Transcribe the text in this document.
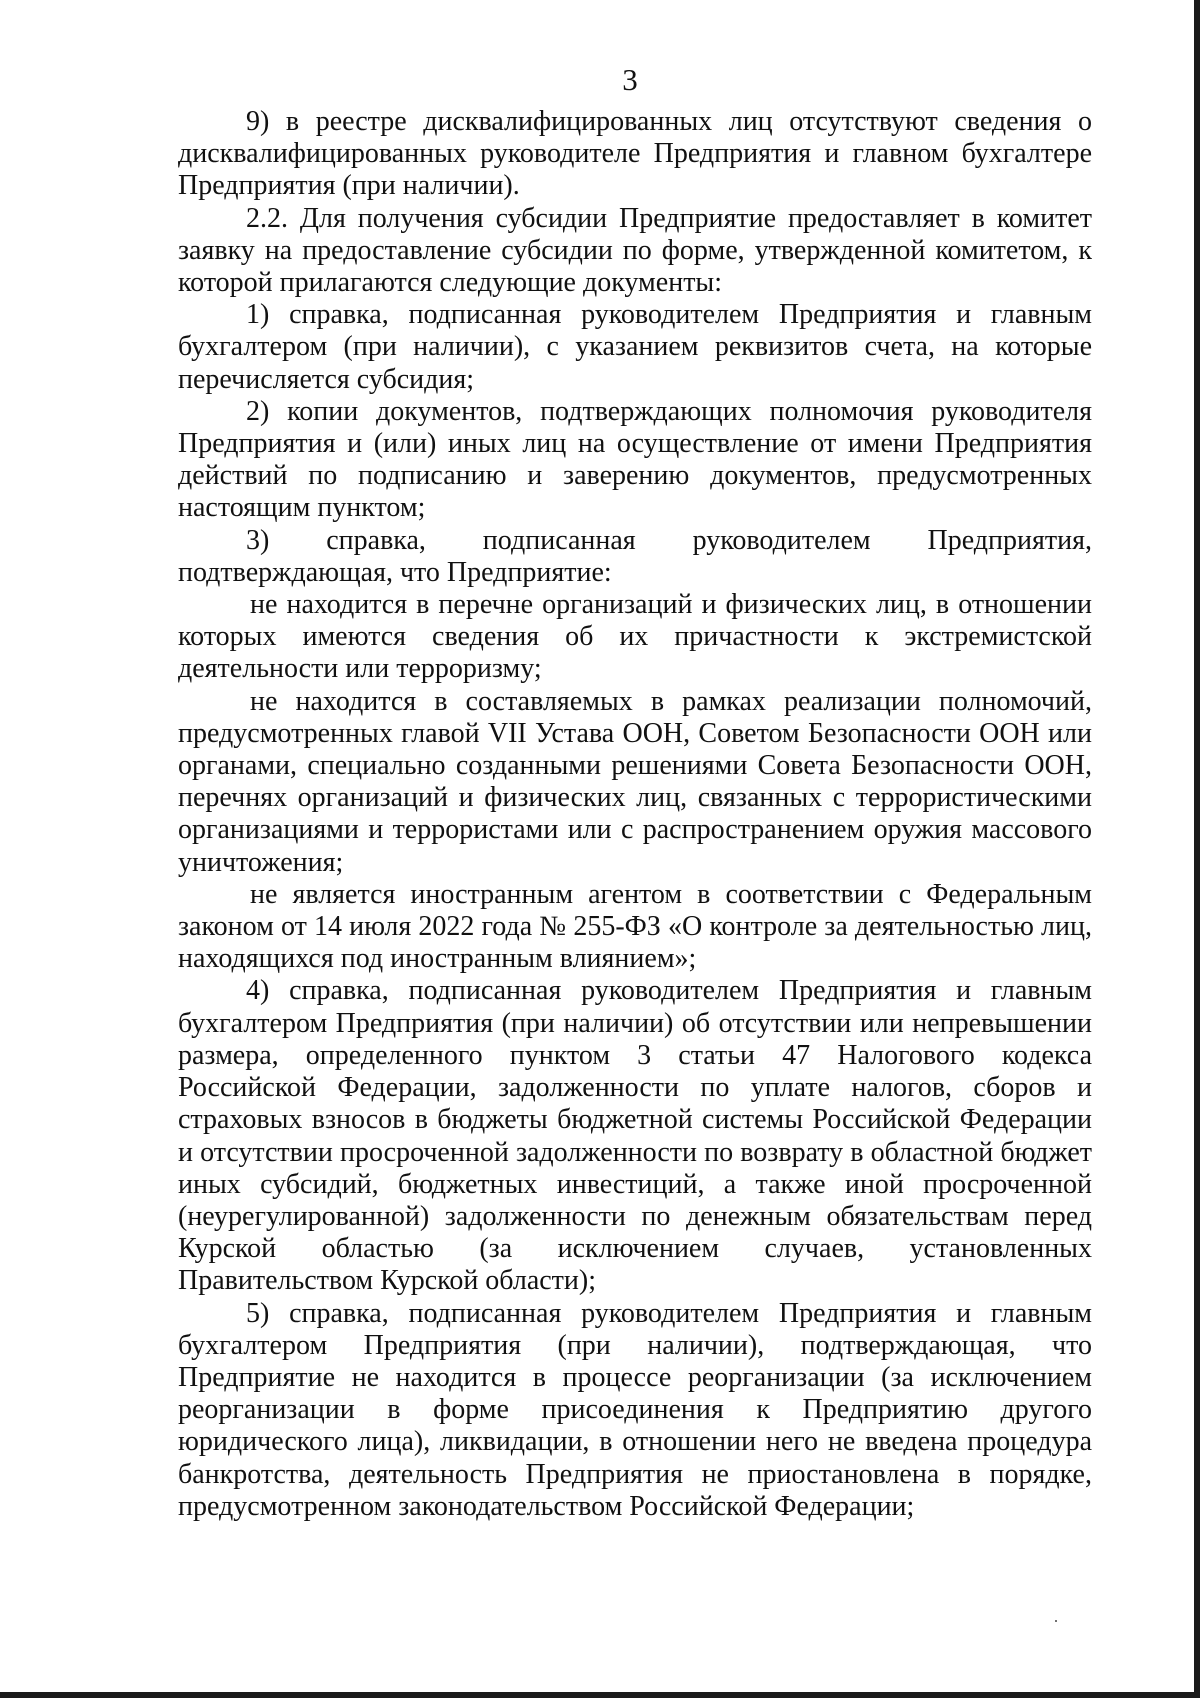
3

9) в реестре дисквалифицированных лиц отсутствуют сведения о дисквалифицированных руководителе Предприятия и главном бухгалтере Предприятия (при наличии).

2.2. Для получения субсидии Предприятие предоставляет в комитет заявку на предоставление субсидии по форме, утвержденной комитетом, к которой прилагаются следующие документы:

1) справка, подписанная руководителем Предприятия и главным бухгалтером (при наличии), с указанием реквизитов счета, на которые перечисляется субсидия;

2) копии документов, подтверждающих полномочия руководителя Предприятия и (или) иных лиц на осуществление от имени Предприятия действий по подписанию и заверению документов, предусмотренных настоящим пунктом;

3) справка, подписанная руководителем Предприятия, подтверждающая, что Предприятие:

не находится в перечне организаций и физических лиц, в отношении которых имеются сведения об их причастности к экстремистской деятельности или терроризму;

не находится в составляемых в рамках реализации полномочий, предусмотренных главой VII Устава ООН, Советом Безопасности ООН или органами, специально созданными решениями Совета Безопасности ООН, перечнях организаций и физических лиц, связанных с террористическими организациями и террористами или с распространением оружия массового уничтожения;

не является иностранным агентом в соответствии с Федеральным законом от 14 июля 2022 года № 255-ФЗ «О контроле за деятельностью лиц, находящихся под иностранным влиянием»;

4) справка, подписанная руководителем Предприятия и главным бухгалтером Предприятия (при наличии) об отсутствии или непревышении размера, определенного пунктом 3 статьи 47 Налогового кодекса Российской Федерации, задолженности по уплате налогов, сборов и страховых взносов в бюджеты бюджетной системы Российской Федерации и отсутствии просроченной задолженности по возврату в областной бюджет иных субсидий, бюджетных инвестиций, а также иной просроченной (неурегулированной) задолженности по денежным обязательствам перед Курской областью (за исключением случаев, установленных Правительством Курской области);

5) справка, подписанная руководителем Предприятия и главным бухгалтером Предприятия (при наличии), подтверждающая, что Предприятие не находится в процессе реорганизации (за исключением реорганизации в форме присоединения к Предприятию другого юридического лица), ликвидации, в отношении него не введена процедура банкротства, деятельность Предприятия не приостановлена в порядке, предусмотренном законодательством Российской Федерации;
